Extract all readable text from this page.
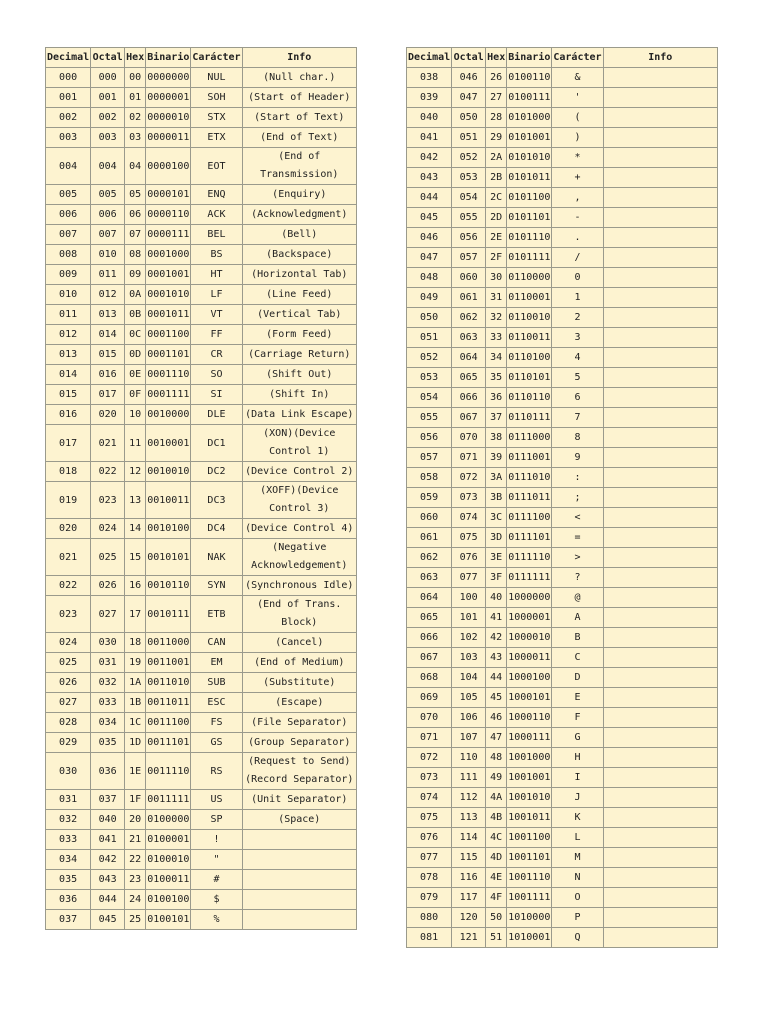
Decimal	Octal	Hex	Binario	Carácter	Info
000	000	00	0000000	NUL	(Null char.)
001	001	01	0000001	SOH	(Start of Header)
002	002	02	0000010	STX	(Start of Text)
003	003	03	0000011	ETX	(End of Text)
004	004	04	0000100	EOT	(End of Transmission)
005	005	05	0000101	ENQ	(Enquiry)
006	006	06	0000110	ACK	(Acknowledgment)
007	007	07	0000111	BEL	(Bell)
008	010	08	0001000	BS	(Backspace)
009	011	09	0001001	HT	(Horizontal Tab)
010	012	0A	0001010	LF	(Line Feed)
011	013	0B	0001011	VT	(Vertical Tab)
012	014	0C	0001100	FF	(Form Feed)
013	015	0D	0001101	CR	(Carriage Return)
014	016	0E	0001110	SO	(Shift Out)
015	017	0F	0001111	SI	(Shift In)
016	020	10	0010000	DLE	(Data Link Escape)
017	021	11	0010001	DC1	(XON)(Device Control 1)
018	022	12	0010010	DC2	(Device Control 2)
019	023	13	0010011	DC3	(XOFF)(Device Control 3)
020	024	14	0010100	DC4	(Device Control 4)
021	025	15	0010101	NAK	(Negative Acknowledgement)
022	026	16	0010110	SYN	(Synchronous Idle)
023	027	17	0010111	ETB	(End of Trans. Block)
024	030	18	0011000	CAN	(Cancel)
025	031	19	0011001	EM	(End of Medium)
026	032	1A	0011010	SUB	(Substitute)
027	033	1B	0011011	ESC	(Escape)
028	034	1C	0011100	FS	(File Separator)
029	035	1D	0011101	GS	(Group Separator)
030	036	1E	0011110	RS	(Request to Send)(Record Separator)
031	037	1F	0011111	US	(Unit Separator)
032	040	20	0100000	SP	(Space)
033	041	21	0100001	!	
034	042	22	0100010	"	
035	043	23	0100011	#	
036	044	24	0100100	$	
037	045	25	0100101	%	
Decimal	Octal	Hex	Binario	Carácter	Info
038	046	26	0100110	&	
039	047	27	0100111	'	
040	050	28	0101000	(	
041	051	29	0101001	)	
042	052	2A	0101010	*	
043	053	2B	0101011	+	
044	054	2C	0101100	,	
045	055	2D	0101101	-	
046	056	2E	0101110	.	
047	057	2F	0101111	/	
048	060	30	0110000	0	
049	061	31	0110001	1	
050	062	32	0110010	2	
051	063	33	0110011	3	
052	064	34	0110100	4	
053	065	35	0110101	5	
054	066	36	0110110	6	
055	067	37	0110111	7	
056	070	38	0111000	8	
057	071	39	0111001	9	
058	072	3A	0111010	:	
059	073	3B	0111011	;	
060	074	3C	0111100	<	
061	075	3D	0111101	=	
062	076	3E	0111110	>	
063	077	3F	0111111	?	
064	100	40	1000000	@	
065	101	41	1000001	A	
066	102	42	1000010	B	
067	103	43	1000011	C	
068	104	44	1000100	D	
069	105	45	1000101	E	
070	106	46	1000110	F	
071	107	47	1000111	G	
072	110	48	1001000	H	
073	111	49	1001001	I	
074	112	4A	1001010	J	
075	113	4B	1001011	K	
076	114	4C	1001100	L	
077	115	4D	1001101	M	
078	116	4E	1001110	N	
079	117	4F	1001111	O	
080	120	50	1010000	P	
081	121	51	1010001	Q	
